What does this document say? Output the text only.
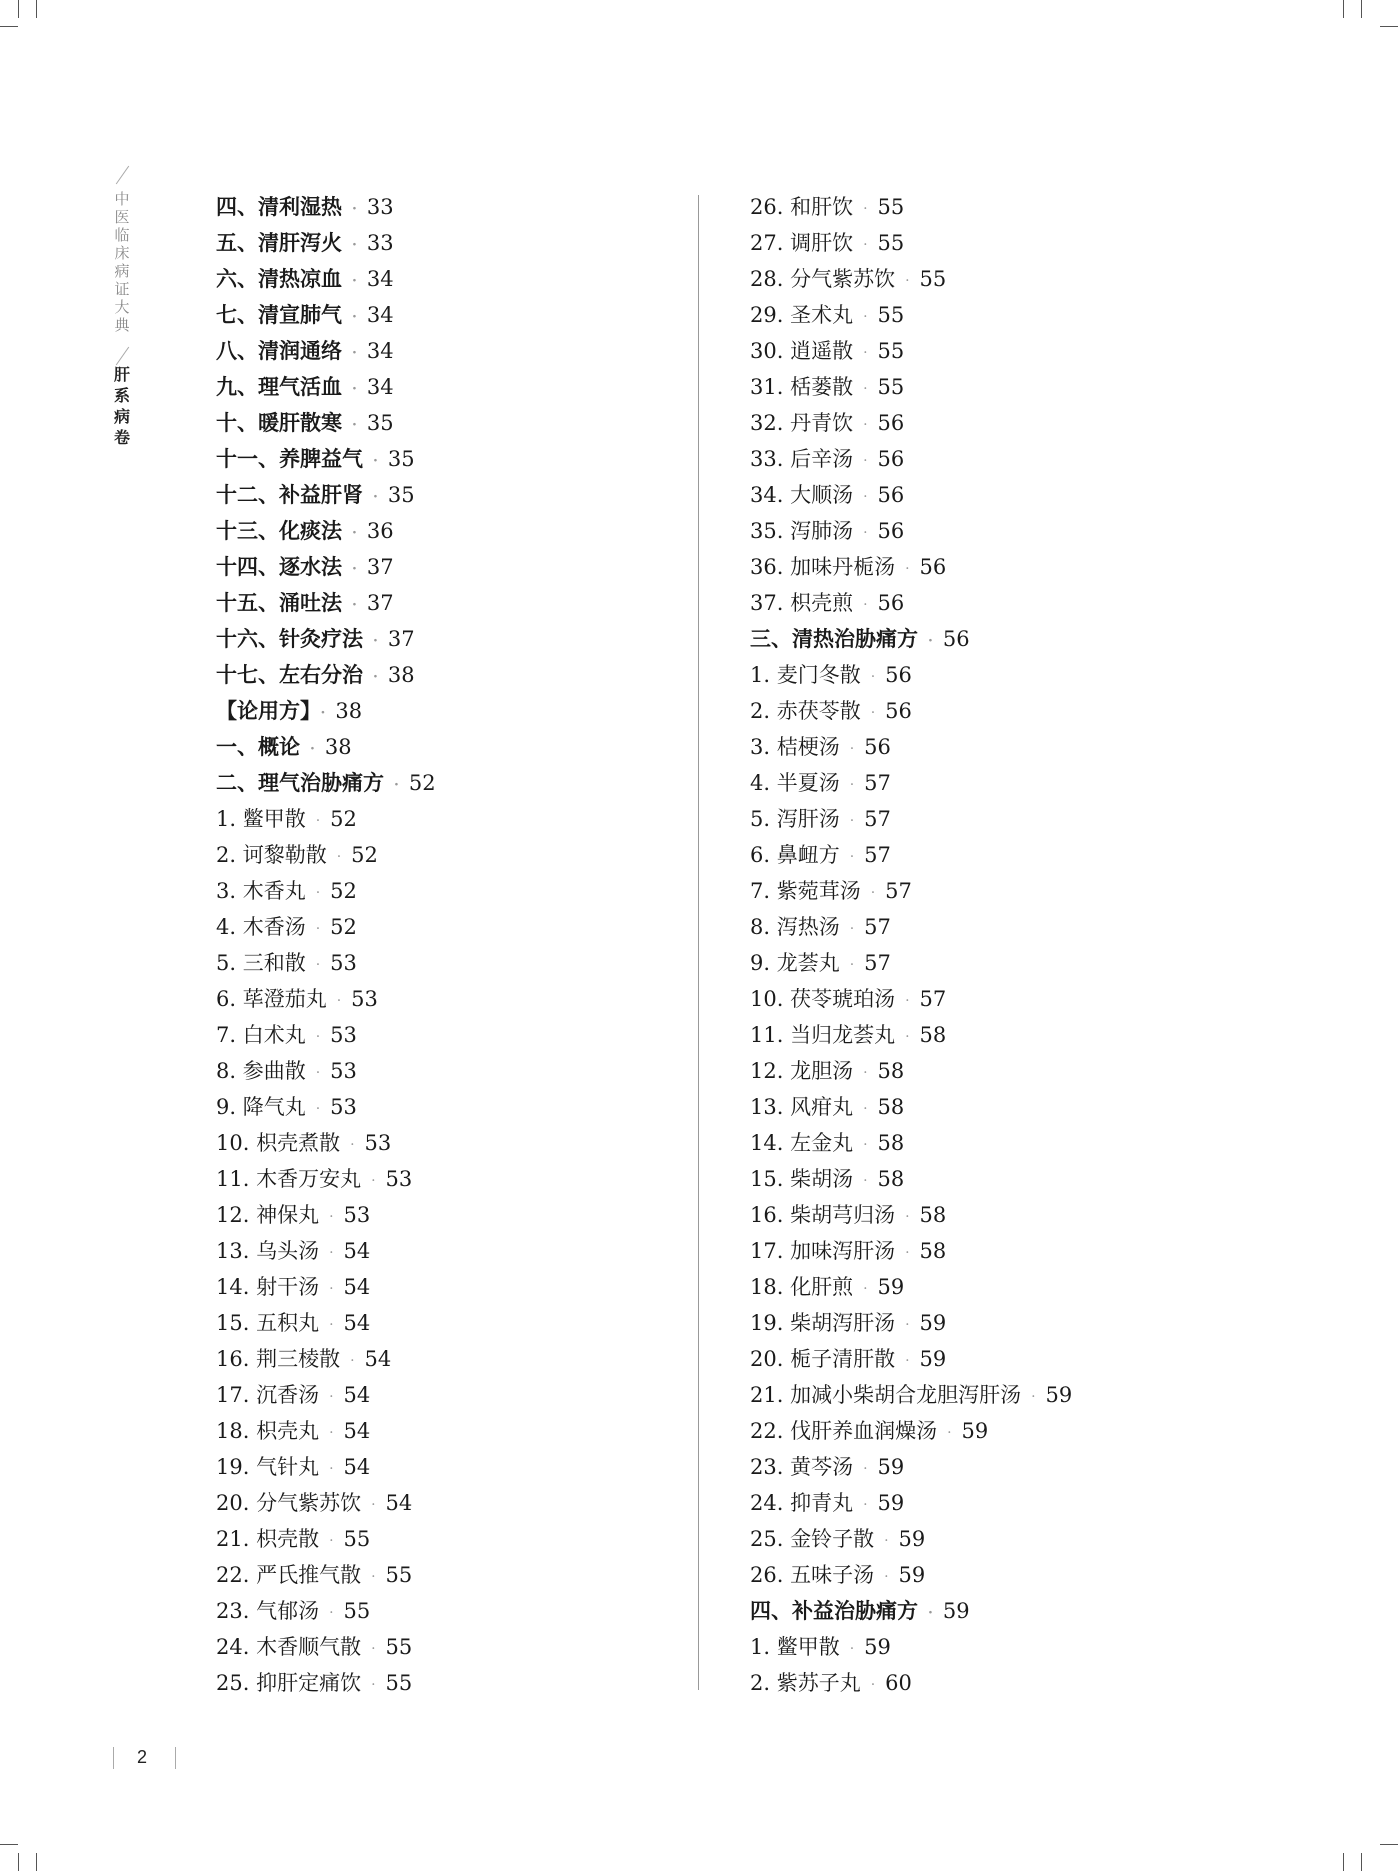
中
医
临
床
病
证
大
典
肝
系
病
卷
四、清利湿热 · 33
五、清肝泻火 · 33
六、清热凉血 · 34
七、清宣肺气 · 34
八、清润通络 · 34
九、理气活血 · 34
十、暖肝散寒 · 35
十一、养脾益气 · 35
十二、补益肝肾 · 35
十三、化痰法 · 36
十四、逐水法 · 37
十五、涌吐法 · 37
十六、针灸疗法 · 37
十七、左右分治 · 38
【论用方】 · 38
一、概论 · 38
二、理气治胁痛方 · 52
1. 鳖甲散 · 52
2. 诃黎勒散 · 52
3. 木香丸 · 52
4. 木香汤 · 52
5. 三和散 · 53
6. 荜澄茄丸 · 53
7. 白术丸 · 53
8. 参曲散 · 53
9. 降气丸 · 53
10. 枳壳煮散 · 53
11. 木香万安丸 · 53
12. 神保丸 · 53
13. 乌头汤 · 54
14. 射干汤 · 54
15. 五积丸 · 54
16. 荆三棱散 · 54
17. 沉香汤 · 54
18. 枳壳丸 · 54
19. 气针丸 · 54
20. 分气紫苏饮 · 54
21. 枳壳散 · 55
22. 严氏推气散 · 55
23. 气郁汤 · 55
24. 木香顺气散 · 55
25. 抑肝定痛饮 · 55
26. 和肝饮 · 55
27. 调肝饮 · 55
28. 分气紫苏饮 · 55
29. 圣术丸 · 55
30. 逍遥散 · 55
31. 栝蒌散 · 55
32. 丹青饮 · 56
33. 后辛汤 · 56
34. 大顺汤 · 56
35. 泻肺汤 · 56
36. 加味丹栀汤 · 56
37. 枳壳煎 · 56
三、清热治胁痛方 · 56
1. 麦门冬散 · 56
2. 赤茯苓散 · 56
3. 桔梗汤 · 56
4. 半夏汤 · 57
5. 泻肝汤 · 57
6. 鼻衄方 · 57
7. 紫菀茸汤 · 57
8. 泻热汤 · 57
9. 龙荟丸 · 57
10. 茯苓琥珀汤 · 57
11. 当归龙荟丸 · 58
12. 龙胆汤 · 58
13. 风疳丸 · 58
14. 左金丸 · 58
15. 柴胡汤 · 58
16. 柴胡芎归汤 · 58
17. 加味泻肝汤 · 58
18. 化肝煎 · 59
19. 柴胡泻肝汤 · 59
20. 栀子清肝散 · 59
21. 加减小柴胡合龙胆泻肝汤 · 59
22. 伐肝养血润燥汤 · 59
23. 黄芩汤 · 59
24. 抑青丸 · 59
25. 金铃子散 · 59
26. 五味子汤 · 59
四、补益治胁痛方 · 59
1. 鳖甲散 · 59
2. 紫苏子丸 · 60
2
